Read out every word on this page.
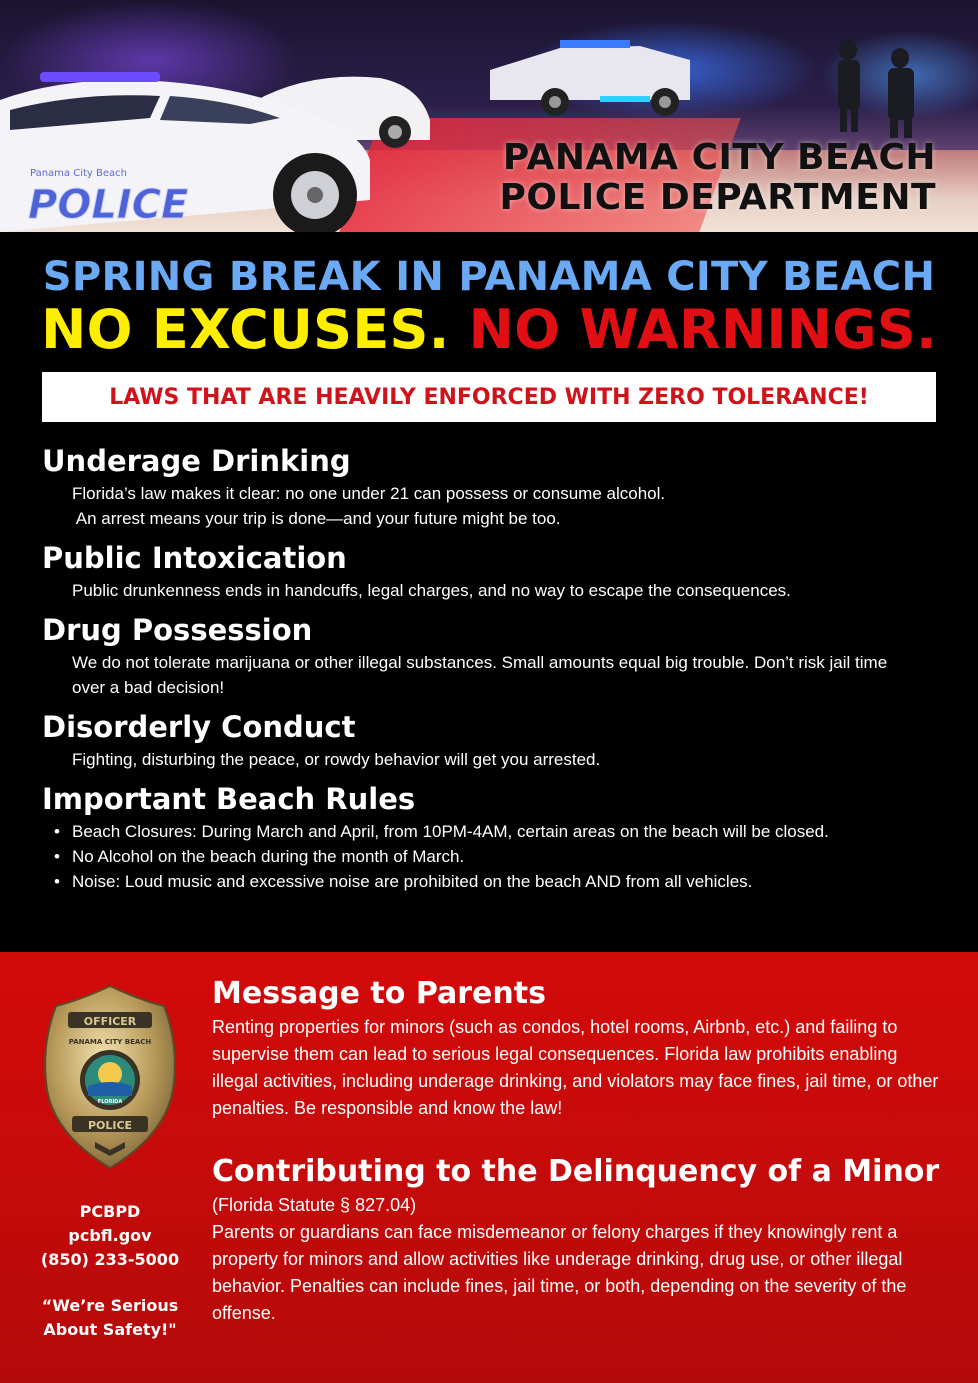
Panama City Beach
POLICE
PANAMA CITY BEACH
POLICE DEPARTMENT
SPRING BREAK IN PANAMA CITY BEACH
NO EXCUSES. NO WARNINGS.
LAWS THAT ARE HEAVILY ENFORCED WITH ZERO TOLERANCE!
Underage Drinking

Florida’s law makes it clear: no one under 21 can possess or consume alcohol.
An arrest means your trip is done—and your future might be too.

Public Intoxication

Public drunkenness ends in handcuffs, legal charges, and no way to escape the consequences.

Drug Possession

We do not tolerate marijuana or other illegal substances. Small amounts equal big trouble. Don’t risk jail time over a bad decision!

Disorderly Conduct

Fighting, disturbing the peace, or rowdy behavior will get you arrested.

Important Beach Rules
• Beach Closures: During March and April, from 10PM-4AM, certain areas on the beach will be closed.
• No Alcohol on the beach during the month of March.
• Noise: Loud music and excessive noise are prohibited on the beach AND from all vehicles.
OFFICER
PANAMA CITY BEACH
FLORIDA
POLICE
PCBPD
pcbfl.gov
(850) 233-5000
“We’re Serious
About Safety!"
Message to Parents

Renting properties for minors (such as condos, hotel rooms, Airbnb, etc.) and failing to supervise them can lead to serious legal consequences. Florida law prohibits enabling illegal activities, including underage drinking, and violators may face fines, jail time, or other penalties. Be responsible and know the law!

Contributing to the Delinquency of a Minor

(Florida Statute § 827.04)

Parents or guardians can face misdemeanor or felony charges if they knowingly rent a property for minors and allow activities like underage drinking, drug use, or other illegal behavior. Penalties can include fines, jail time, or both, depending on the severity of the offense.
